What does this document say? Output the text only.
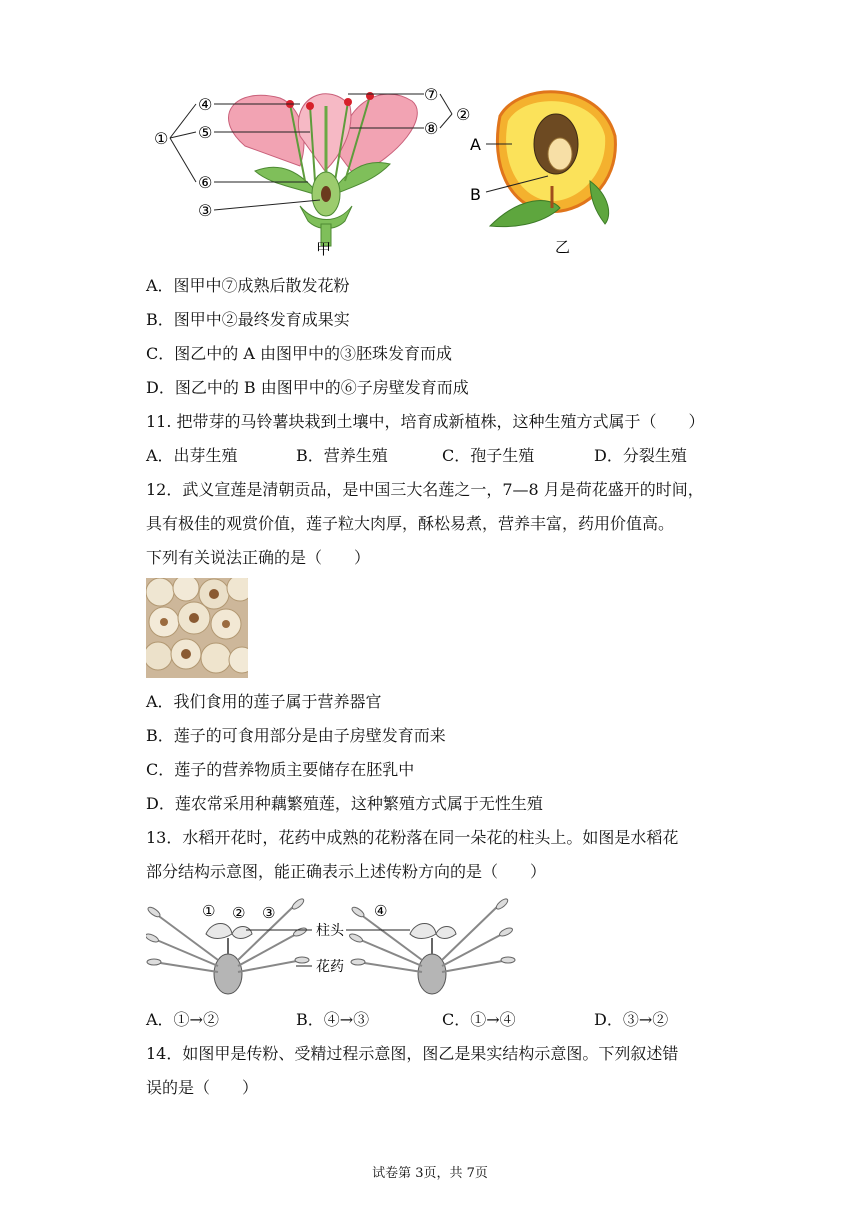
①
④
⑤
⑥
③
⑦
⑧
②
甲
A
B
乙
A．图甲中⑦成熟后散发花粉
B．图甲中②最终发育成果实
C．图乙中的 A 由图甲中的③胚珠发育而成
D．图乙中的 B 由图甲中的⑥子房壁发育而成
11. 把带芽的马铃薯块栽到土壤中，培育成新植株，这种生殖方式属于（　　）
A．出芽生殖	B．营养生殖	C．孢子生殖	D．分裂生殖
12．武义宣莲是清朝贡品，是中国三大名莲之一，7—8 月是荷花盛开的时间，
具有极佳的观赏价值，莲子粒大肉厚，酥松易煮，营养丰富，药用价值高。
下列有关说法正确的是（　　）
A．我们食用的莲子属于营养器官
B．莲子的可食用部分是由子房壁发育而来
C．莲子的营养物质主要储存在胚乳中
D．莲农常采用种藕繁殖莲，这种繁殖方式属于无性生殖
13．水稻开花时，花药中成熟的花粉落在同一朵花的柱头上。如图是水稻花
部分结构示意图，能正确表示上述传粉方向的是（　　）
① ② ③	④
柱头
花药
A．①→②	B．④→③	C．①→④	D．③→②
14．如图甲是传粉、受精过程示意图，图乙是果实结构示意图。下列叙述错
误的是（　　）
试卷第 3页，共 7页
